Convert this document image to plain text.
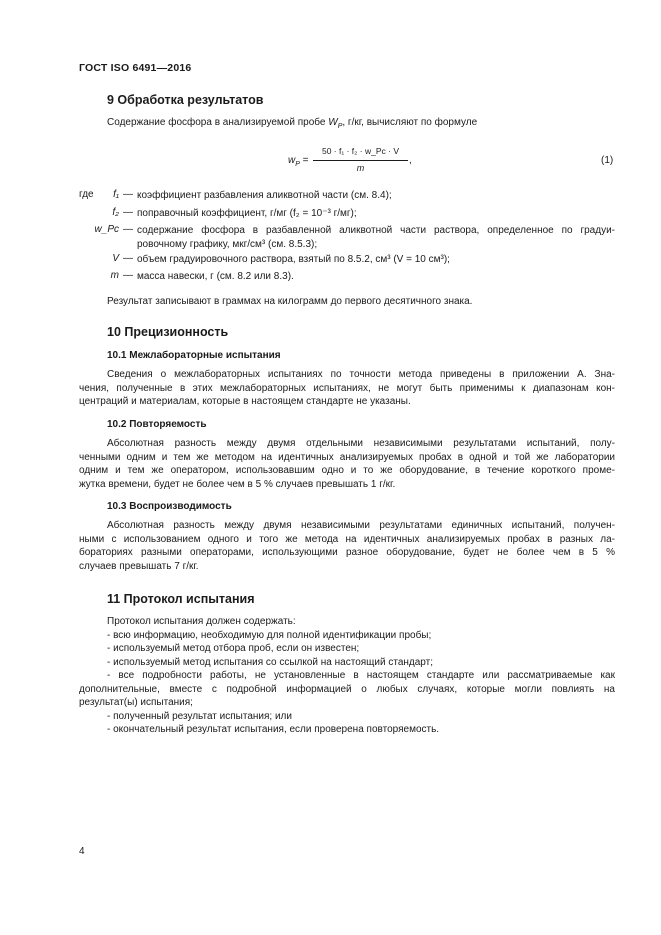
ГОСТ ISO 6491—2016
9 Обработка результатов
Содержание фосфора в анализируемой пробе $W_P$, г/кг, вычисляют по формуле
$w_P$ =
50 · f₁ · f₂ · w_Pc · V
m
,	(1)
где	f₁ — коэффициент разбавления аликвотной части (см. 8.4);
f₂ — поправочный коэффициент, г/мг (f₂ = 10⁻³ г/мг);
w_Pc — содержание фосфора в разбавленной аликвотной части раствора, определенное по градуи-
ровочному графику, мкг/см³ (см. 8.5.3);
V — объем градуировочного раствора, взятый по 8.5.2, см³ (V = 10 см³);
m — масса навески, г (см. 8.2 или 8.3).
Результат записывают в граммах на килограмм до первого десятичного знака.
10 Прецизионность
10.1 Межлабораторные испытания
Сведения о межлабораторных испытаниях по точности метода приведены в приложении А. Зна-
чения, полученные в этих межлабораторных испытаниях, не могут быть применимы к диапазонам кон-
центраций и материалам, которые в настоящем стандарте не указаны.
10.2 Повторяемость
Абсолютная разность между двумя отдельными независимыми результатами испытаний, полу-
ченными одним и тем же методом на идентичных анализируемых пробах в одной и той же лаборатории
одним и тем же оператором, использовавшим одно и то же оборудование, в течение короткого проме-
жутка времени, будет не более чем в 5 % случаев превышать 1 г/кг.
10.3 Воспроизводимость
Абсолютная разность между двумя независимыми результатами единичных испытаний, получен-
ными с использованием одного и того же метода на идентичных анализируемых пробах в разных ла-
бораториях разными операторами, использующими разное оборудование, будет не более чем в 5 %
случаев превышать 7 г/кг.
11 Протокол испытания
Протокол испытания должен содержать:
- всю информацию, необходимую для полной идентификации пробы;
- используемый метод отбора проб, если он известен;
- используемый метод испытания со ссылкой на настоящий стандарт;
- все подробности работы, не установленные в настоящем стандарте или рассматриваемые как
дополнительные, вместе с подробной информацией о любых случаях, которые могли повлиять на
результат(ы) испытания;
- полученный результат испытания; или
- окончательный результат испытания, если проверена повторяемость.
4
